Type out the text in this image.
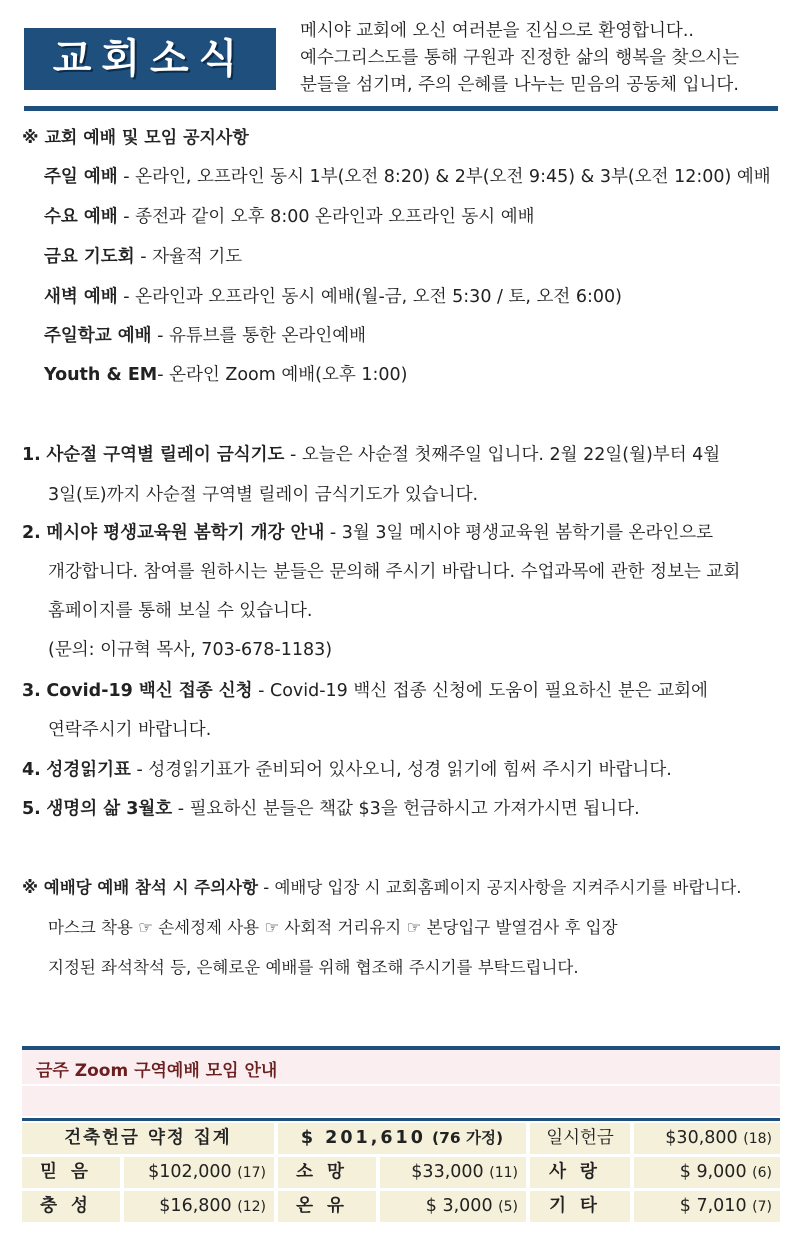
교회소식
메시야 교회에 오신 여러분을 진심으로 환영합니다..
예수그리스도를 통해 구원과 진정한 삶의 행복을 찾으시는
분들을 섬기며, 주의 은혜를 나누는 믿음의 공동체 입니다.
※ 교회 예배 및 모임 공지사항
주일 예배 - 온라인, 오프라인 동시 1부(오전 8:20) & 2부(오전 9:45) & 3부(오전 12:00) 예배
수요 예배 - 종전과 같이 오후 8:00 온라인과 오프라인 동시 예배
금요 기도회 - 자율적 기도
새벽 예배 - 온라인과 오프라인 동시 예배(월-금, 오전 5:30 / 토, 오전 6:00)
주일학교 예배 - 유튜브를 통한 온라인예배
Youth & EM- 온라인 Zoom 예배(오후 1:00)
1. 사순절 구역별 릴레이 금식기도 - 오늘은 사순절 첫째주일 입니다. 2월 22일(월)부터 4월
3일(토)까지 사순절 구역별 릴레이 금식기도가 있습니다.
2. 메시야 평생교육원 봄학기 개강 안내 - 3월 3일 메시야 평생교육원 봄학기를 온라인으로
개강합니다. 참여를 원하시는 분들은 문의해 주시기 바랍니다. 수업과목에 관한 정보는 교회
홈페이지를 통해 보실 수 있습니다.
(문의: 이규혁 목사, 703-678-1183)
3. Covid-19 백신 접종 신청 - Covid-19 백신 접종 신청에 도움이 필요하신 분은 교회에
연락주시기 바랍니다.
4. 성경읽기표 - 성경읽기표가 준비되어 있사오니, 성경 읽기에 힘써 주시기 바랍니다.
5. 생명의 삶 3월호 - 필요하신 분들은 책값 $3을 헌금하시고 가져가시면 됩니다.
※ 예배당 예배 참석 시 주의사항 - 예배당 입장 시 교회홈페이지 공지사항을 지켜주시기를 바랍니다.
마스크 착용 ☞ 손세정제 사용 ☞ 사회적 거리유지 ☞ 본당입구 발열검사 후 입장
지정된 좌석착석 등, 은혜로운 예배를 위해 협조해 주시기를 부탁드립니다.
금주 Zoom 구역예배 모임 안내
건축헌금 약정 집계	$ 201,610 (76 가정)	일시헌금	$30,800 (18)
믿음	$102,000 (17)	소망	$33,000 (11)	사랑	$ 9,000 (6)
충성	$16,800 (12)	온유	$ 3,000 (5)	기타	$ 7,010 (7)
